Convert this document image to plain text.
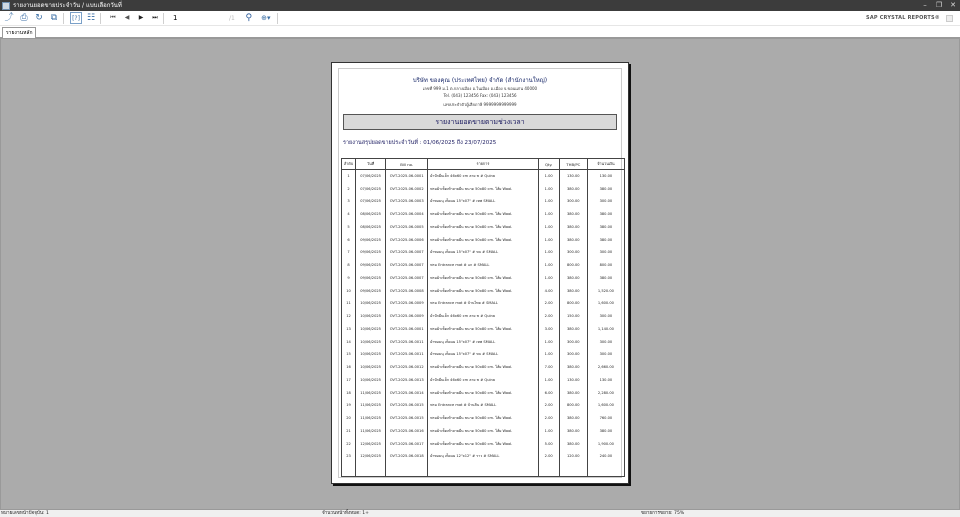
รายงานยอดขายประจำวัน / แบบเลือกวันที่	–	❐	✕
⤴ ⎙ ↻ ⧉	[?] ☷	⏮	◀	▶	⏭
1	/1	⚲	⊕▾	SAP CRYSTAL REPORTS®
รายงานหลัก
บริษัท ของคุณ (ประเทศไทย) จำกัด (สำนักงานใหญ่)
เลขที่ 999 ม.1 ต.กลางเมือง อ.ในเมือง อ.เมือง จ.ขอนแก่น 40000
Tel. (043) 123456 Fax: (043) 123456
เลขประจำตัวผู้เสียภาษี 9999999999999
รายงานยอดขายตามช่วงเวลา
รายงานสรุปยอดขายประจำวันที่ : 01/06/2025 ถึง 23/07/2025
ลำดับ	วันที่	Bill no.	รายการ	Qty.	THB/PC	จำนวนเงิน
1	07/06/2025	OVT-2025-06-0001	ผ้าปักผืนเล็ก 46x60 cm ลาย ช # Quina	1.00	130.00	130.00
2	07/06/2025	OVT-2025-06-0002	พรมผ้าเช็ดเท้าลายผืน ขนาด 50x80 cm. ไส้ผ Wool.	1.00	380.00	380.00
3	07/06/2025	OVT-2025-06-0003	ผ้าทอมนุ เห็ดแผ 15"x07" # เทพ SMALL	1.00	300.00	300.00
4	08/06/2025	OVT-2025-06-0004	พรมผ้าเช็ดเท้าลายผืน ขนาด 50x80 cm. ไส้ผ Wool.	1.00	380.00	380.00
5	08/06/2025	OVT-2025-06-0005	พรมผ้าเช็ดเท้าลายผืน ขนาด 50x80 cm. ไส้ผ Wool.	1.00	380.00	380.00
6	09/06/2025	OVT-2025-06-0006	พรมผ้าเช็ดเท้าลายผืน ขนาด 50x80 cm. ไส้ผ Wool.	1.00	380.00	380.00
7	09/06/2025	OVT-2025-06-0007	ผ้าทอมนุ เห็ดแผ 15"x07" # ขบ # SMALL	1.00	300.00	300.00
8	09/06/2025	OVT-2025-06-0007	พรม Entrance mat # แก # SMALL	1.00	800.00	800.00
9	09/06/2025	OVT-2025-06-0007	พรมผ้าเช็ดเท้าลายผืน ขนาด 50x80 cm. ไส้ผ Wool.	1.00	380.00	380.00
10	09/06/2025	OVT-2025-06-0008	พรมผ้าเช็ดเท้าลายผืน ขนาด 50x80 cm. ไส้ผ Wool.	4.00	380.00	1,520.00
11	10/06/2025	OVT-2025-06-0009	พรม Entrance mat # บ้านไทย # SMALL	2.00	800.00	1,600.00
12	10/06/2025	OVT-2025-06-0009	ผ้าปักผืนเล็ก 46x60 cm ลาย ช # Quina	2.00	150.00	300.00
13	10/06/2025	OVT-2025-06-0001	พรมผ้าเช็ดเท้าลายผืน ขนาด 50x80 cm. ไส้ผ Wool.	3.00	380.00	1,140.00
14	10/06/2025	OVT-2025-06-0011	ผ้าทอมนุ เห็ดแผ 15"x07" # เทพ SMALL	1.00	300.00	300.00
15	10/06/2025	OVT-2025-06-0011	ผ้าทอมนุ เห็ดแผ 15"x07" # ขบ # SMALL	1.00	300.00	300.00
16	10/06/2025	OVT-2025-06-0012	พรมผ้าเช็ดเท้าลายผืน ขนาด 50x80 cm. ไส้ผ Wool.	7.00	380.00	2,660.00
17	10/06/2025	OVT-2025-06-0013	ผ้าปักผืนเล็ก 46x60 cm ลาย ช # Quina	1.00	130.00	130.00
18	11/06/2025	OVT-2025-06-0014	พรมผ้าเช็ดเท้าลายผืน ขนาด 50x80 cm. ไส้ผ Wool.	6.00	380.00	2,280.00
19	11/06/2025	OVT-2025-06-0015	พรม Entrance mat # บ้านสิน # SMALL	2.00	800.00	1,600.00
20	11/06/2025	OVT-2025-06-0015	พรมผ้าเช็ดเท้าลายผืน ขนาด 50x80 cm. ไส้ผ Wool.	2.00	380.00	760.00
21	11/06/2025	OVT-2025-06-0016	พรมผ้าเช็ดเท้าลายผืน ขนาด 50x80 cm. ไส้ผ Wool.	1.00	380.00	380.00
22	12/06/2025	OVT-2025-06-0017	พรมผ้าเช็ดเท้าลายผืน ขนาด 50x80 cm. ไส้ผ Wool.	5.00	380.00	1,900.00
23	12/06/2025	OVT-2025-06-0018	ผ้าทอมนุ เห็ดแผ 12"x12" # ราว # SMALL	2.00	120.00	240.00

หมายเลขหน้าปัจจุบัน: 1	จำนวนหน้าทั้งหมด: 1+	ขยายการขยาย: 75%
